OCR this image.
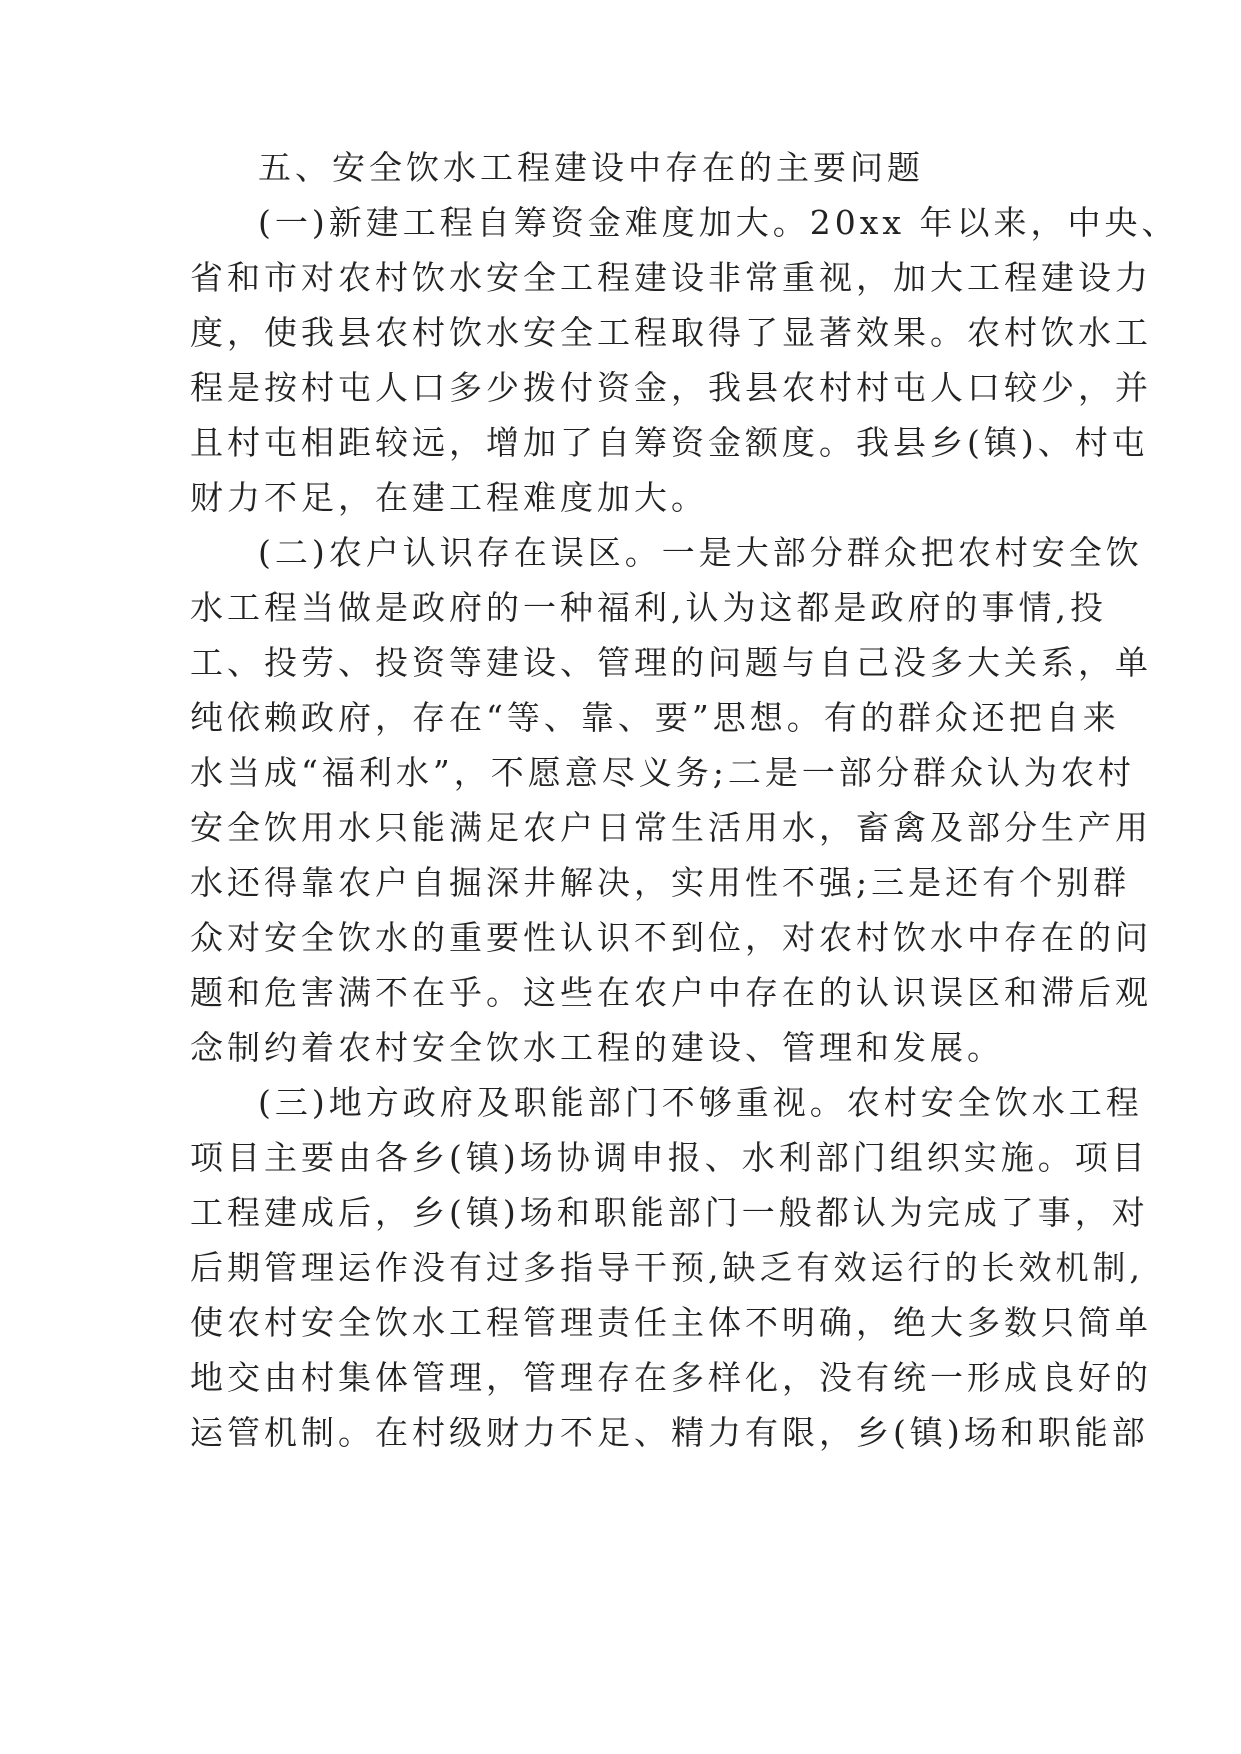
五、安全饮水工程建设中存在的主要问题
(一)新建工程自筹资金难度加大。20xx 年以来，中央、
省和市对农村饮水安全工程建设非常重视，加大工程建设力
度，使我县农村饮水安全工程取得了显著效果。农村饮水工
程是按村屯人口多少拨付资金，我县农村村屯人口较少，并
且村屯相距较远，增加了自筹资金额度。我县乡(镇)、村屯
财力不足，在建工程难度加大。
(二)农户认识存在误区。一是大部分群众把农村安全饮
水工程当做是政府的一种福利,认为这都是政府的事情,投
工、投劳、投资等建设、管理的问题与自己没多大关系，单
纯依赖政府，存在“等、靠、要”思想。有的群众还把自来
水当成“福利水”，不愿意尽义务;二是一部分群众认为农村
安全饮用水只能满足农户日常生活用水，畜禽及部分生产用
水还得靠农户自掘深井解决，实用性不强;三是还有个别群
众对安全饮水的重要性认识不到位，对农村饮水中存在的问
题和危害满不在乎。这些在农户中存在的认识误区和滞后观
念制约着农村安全饮水工程的建设、管理和发展。
(三)地方政府及职能部门不够重视。农村安全饮水工程
项目主要由各乡(镇)场协调申报、水利部门组织实施。项目
工程建成后，乡(镇)场和职能部门一般都认为完成了事，对
后期管理运作没有过多指导干预,缺乏有效运行的长效机制,
使农村安全饮水工程管理责任主体不明确，绝大多数只简单
地交由村集体管理，管理存在多样化，没有统一形成良好的
运管机制。在村级财力不足、精力有限，乡(镇)场和职能部
